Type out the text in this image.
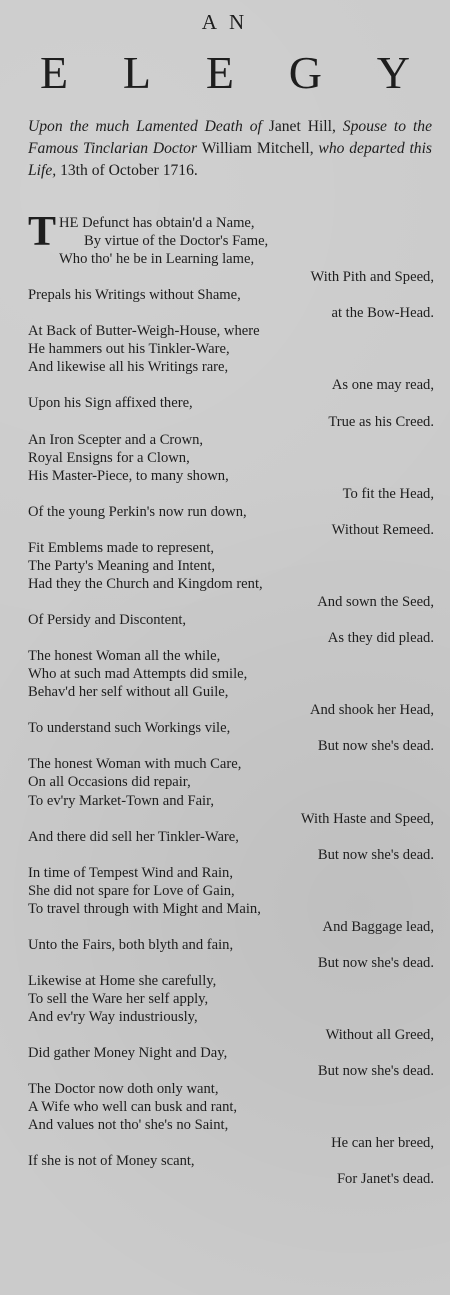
A N
E L E G Y
Upon the much Lamented Death of Janet Hill, Spouse to the Famous Tinclarian Doctor William Mitchell, who departed this Life, 13th of October 1716.
T HE Defunct has obtain'd a Name,
By virtue of the Doctor's Fame,
Who tho' he be in Learning lame,
With Pith and Speed,
Prepals his Writings without Shame,
at the Bow-Head.
At Back of Butter-Weigh-House, where
He hammers out his Tinkler-Ware,
And likewise all his Writings rare,
As one may read,
Upon his Sign affixed there,
True as his Creed.
An Iron Scepter and a Crown,
Royal Ensigns for a Clown,
His Master-Piece, to many shown,
To fit the Head,
Of the young Perkin's now run down,
Without Remeed.
Fit Emblems made to represent,
The Party's Meaning and Intent,
Had they the Church and Kingdom rent,
And sown the Seed,
Of Persidy and Discontent,
As they did plead.
The honest Woman all the while,
Who at such mad Attempts did smile,
Behav'd her self without all Guile,
And shook her Head,
To understand such Workings vile,
But now she's dead.
The honest Woman with much Care,
On all Occasions did repair,
To ev'ry Market-Town and Fair,
With Haste and Speed,
And there did sell her Tinkler-Ware,
But now she's dead.
In time of Tempest Wind and Rain,
She did not spare for Love of Gain,
To travel through with Might and Main,
And Baggage lead,
Unto the Fairs, both blyth and fain,
But now she's dead.
Likewise at Home she carefully,
To sell the Ware her self apply,
And ev'ry Way industriously,
Without all Greed,
Did gather Money Night and Day,
But now she's dead.
The Doctor now doth only want,
A Wife who well can busk and rant,
And values not tho' she's no Saint,
He can her breed,
If she is not of Money scant,
For Janet's dead.
